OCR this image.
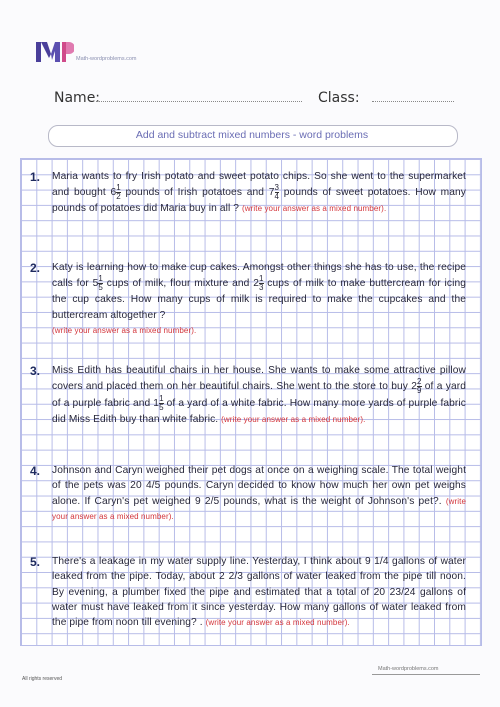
Math-wordproblems.com
Name:	Class:
Add and subtract mixed numbers - word problems
1. Maria wants to fry Irish potato and sweet potato chips. So she went to the supermarket and bought $6 \frac{1}{2}$ pounds of Irish potatoes and $7 \frac{3}{4}$ pounds of sweet potatoes. How many pounds of potatoes did Maria buy in all ? (write your answer as a mixed number).
2. Katy is learning how to make cup cakes. Amongst other things she has to use, the recipe calls for $5 \frac{1}{5}$ cups of milk, flour mixture and $2 \frac{1}{3}$ cups of milk to make buttercream for icing the cup cakes. How many cups of milk is required to make the cupcakes and the buttercream altogether ?
(write your answer as a mixed number).
3. Miss Edith has beautiful chairs in her house. She wants to make some attractive pillow covers and placed them on her beautiful chairs. She went to the store to buy $2 \frac{2}{9}$ of a yard of a purple fabric and $1 \frac{1}{5}$ of a yard of a white fabric. How many more yards of purple fabric did Miss Edith buy than white fabric. (write your answer as a mixed number).
4. Johnson and Caryn weighed their pet dogs at once on a weighing scale. The total weight of the pets was 20 4/5 pounds. Caryn decided to know how much her own pet weighs alone. If Caryn's pet weighed 9 2/5 pounds, what is the weight of Johnson's pet?. (write your answer as a mixed number).
5. There's a leakage in my water supply line. Yesterday, I think about 9 1/4 gallons of water leaked from the pipe. Today, about 2 2/3 gallons of water leaked from the pipe till noon. By evening, a plumber fixed the pipe and estimated that a total of 20 23/24 gallons of water must have leaked from it since yesterday. How many gallons of water leaked from the pipe from noon till evening? . (write your answer as a mixed number).
All rights reserved
Math-wordproblems.com
